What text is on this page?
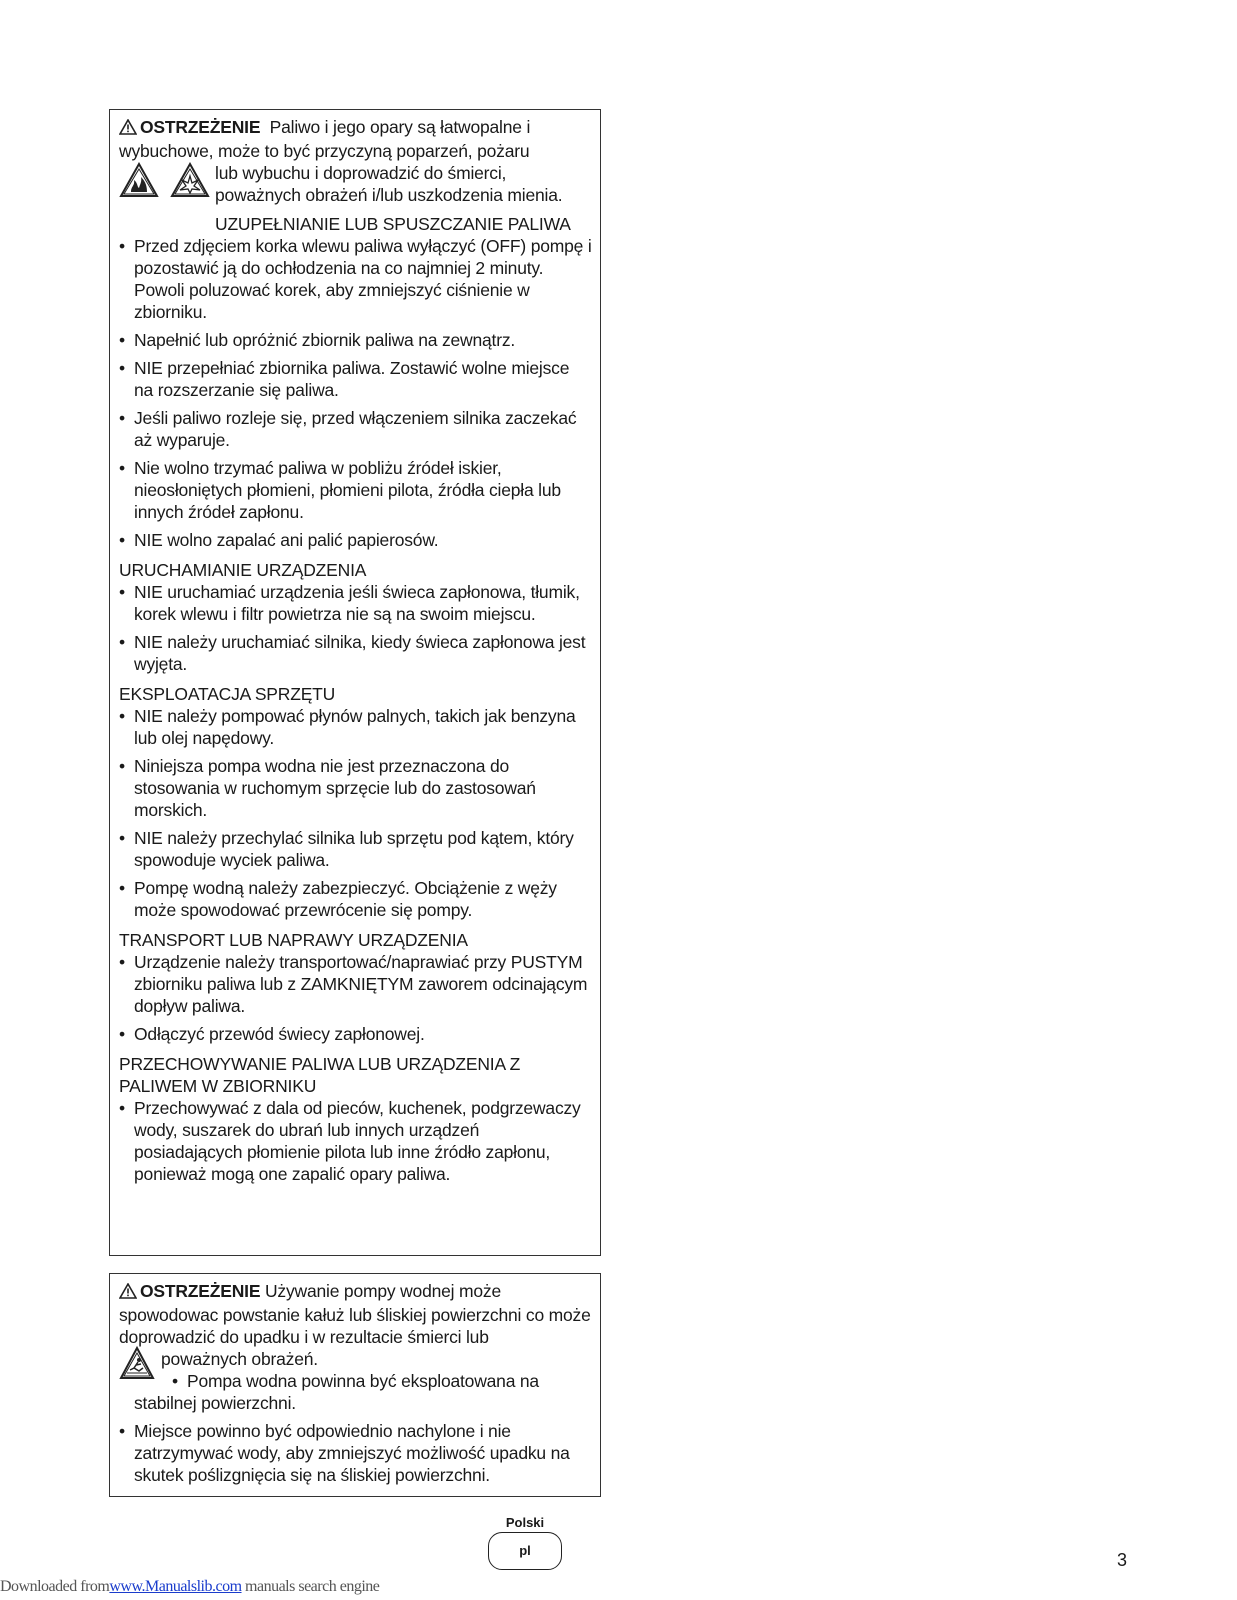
OSTRZEŻENIE Paliwo i jego opary są łatwopalne i wybuchowe, może to być przyczyną poparzeń, pożaru

lub wybuchu i doprowadzić do śmierci,
poważnych obrażeń i/lub uszkodzenia mienia.
UZUPEŁNIANIE LUB SPUSZCZANIE PALIWA
• Przed zdjęciem korka wlewu paliwa wyłączyć (OFF) pompę i pozostawić ją do ochłodzenia na co najmniej 2 minuty. Powoli poluzować korek, aby zmniejszyć ciśnienie w zbiorniku.
• Napełnić lub opróżnić zbiornik paliwa na zewnątrz.
• NIE przepełniać zbiornika paliwa. Zostawić wolne miejsce na rozszerzanie się paliwa.
• Jeśli paliwo rozleje się, przed włączeniem silnika zaczekać aż wyparuje.
• Nie wolno trzymać paliwa w pobliżu źródeł iskier, nieosłoniętych płomieni, płomieni pilota, źródła ciepła lub innych źródeł zapłonu.
• NIE wolno zapalać ani palić papierosów.
URUCHAMIANIE URZĄDZENIA
• NIE uruchamiać urządzenia jeśli świeca zapłonowa, tłumik, korek wlewu i filtr powietrza nie są na swoim miejscu.
• NIE należy uruchamiać silnika, kiedy świeca zapłonowa jest wyjęta.
EKSPLOATACJA SPRZĘTU
• NIE należy pompować płynów palnych, takich jak benzyna lub olej napędowy.
• Niniejsza pompa wodna nie jest przeznaczona do stosowania w ruchomym sprzęcie lub do zastosowań morskich.
• NIE należy przechylać silnika lub sprzętu pod kątem, który spowoduje wyciek paliwa.
• Pompę wodną należy zabezpieczyć. Obciążenie z węży może spowodować przewrócenie się pompy.
TRANSPORT LUB NAPRAWY URZĄDZENIA
• Urządzenie należy transportować/naprawiać przy PUSTYM zbiorniku paliwa lub z ZAMKNIĘTYM zaworem odcinającym dopływ paliwa.
• Odłączyć przewód świecy zapłonowej.
PRZECHOWYWANIE PALIWA LUB URZĄDZENIA Z PALIWEM W ZBIORNIKU
• Przechowywać z dala od pieców, kuchenek, podgrzewaczy wody, suszarek do ubrań lub innych urządzeń posiadających płomienie pilota lub inne źródło zapłonu, ponieważ mogą one zapalić opary paliwa.
OSTRZEŻENIE Używanie pompy wodnej może spowodowac powstanie kałuż lub śliskiej powierzchni co może doprowadzić do upadku i w rezultacie śmierci lub
poważnych obrażeń.
• Pompa wodna powinna być eksploatowana na stabilnej powierzchni.
• Miejsce powinno być odpowiednio nachylone i nie zatrzymywać wody, aby zmniejszyć możliwość upadku na skutek poślizgnięcia się na śliskiej powierzchni.
Polski
pl	3
Downloaded fromwww.Manualslib.com manuals search engine
